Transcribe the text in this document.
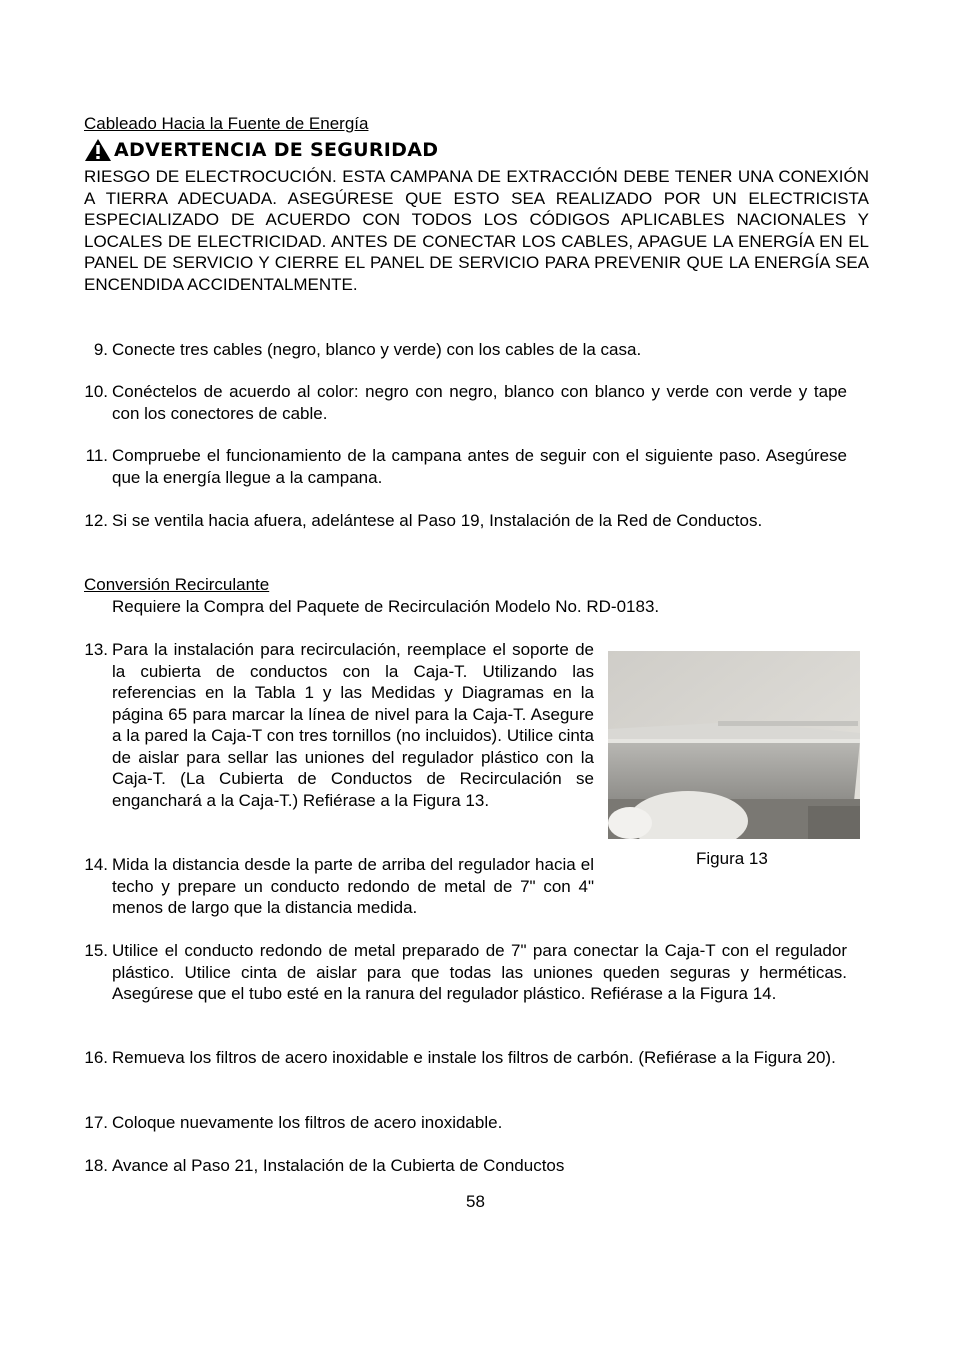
Cableado Hacia la Fuente de Energía
ADVERTENCIA DE SEGURIDAD
RIESGO DE ELECTROCUCIÓN. ESTA CAMPANA DE EXTRACCIÓN DEBE TENER UNA CONEXIÓN A TIERRA ADECUADA. ASEGÚRESE QUE ESTO SEA REALIZADO POR UN ELECTRICISTA ESPECIALIZADO DE ACUERDO CON TODOS LOS CÓDIGOS APLICABLES NACIONALES Y LOCALES DE ELECTRICIDAD. ANTES DE CONECTAR LOS CABLES, APAGUE LA ENERGÍA EN EL PANEL DE SERVICIO Y CIERRE EL PANEL DE SERVICIO PARA PREVENIR QUE LA ENERGÍA SEA ENCENDIDA ACCIDENTALMENTE.
9. Conecte tres cables (negro, blanco y verde) con los cables de la casa.
10. Conéctelos de acuerdo al color: negro con negro, blanco con blanco y verde con verde y tape con los conectores de cable.
11. Compruebe el funcionamiento de la campana antes de seguir con el siguiente paso. Asegúrese que la energía llegue a la campana.
12. Si se ventila hacia afuera, adelántese al Paso 19, Instalación de la Red de Conductos.
Conversión Recirculante
Requiere la Compra del Paquete de Recirculación Modelo No. RD-0183.
13. Para la instalación para recirculación, reemplace el soporte de la cubierta de conductos con la Caja-T. Utilizando las referencias en la Tabla 1 y las Medidas y Diagramas en la página 65 para marcar la línea de nivel para la Caja-T. Asegure a la pared la Caja-T con tres tornillos (no incluidos). Utilice cinta de aislar para sellar las uniones del regulador plástico con la Caja-T. (La Cubierta de Conductos de Recirculación se enganchará a la Caja-T.) Refiérase a la Figura 13.
Figura 13
14. Mida la distancia desde la parte de arriba del regulador hacia el techo y prepare un conducto redondo de metal de 7" con 4" menos de largo que la distancia medida.
15. Utilice el conducto redondo de metal preparado de 7" para conectar la Caja-T con el regulador plástico. Utilice cinta de aislar para que todas las uniones queden seguras y herméticas. Asegúrese que el tubo esté en la ranura del regulador plástico. Refiérase a la Figura 14.
16. Remueva los filtros de acero inoxidable e instale los filtros de carbón. (Refiérase a la Figura 20).
17. Coloque nuevamente los filtros de acero inoxidable.
18. Avance al Paso 21, Instalación de la Cubierta de Conductos
58
